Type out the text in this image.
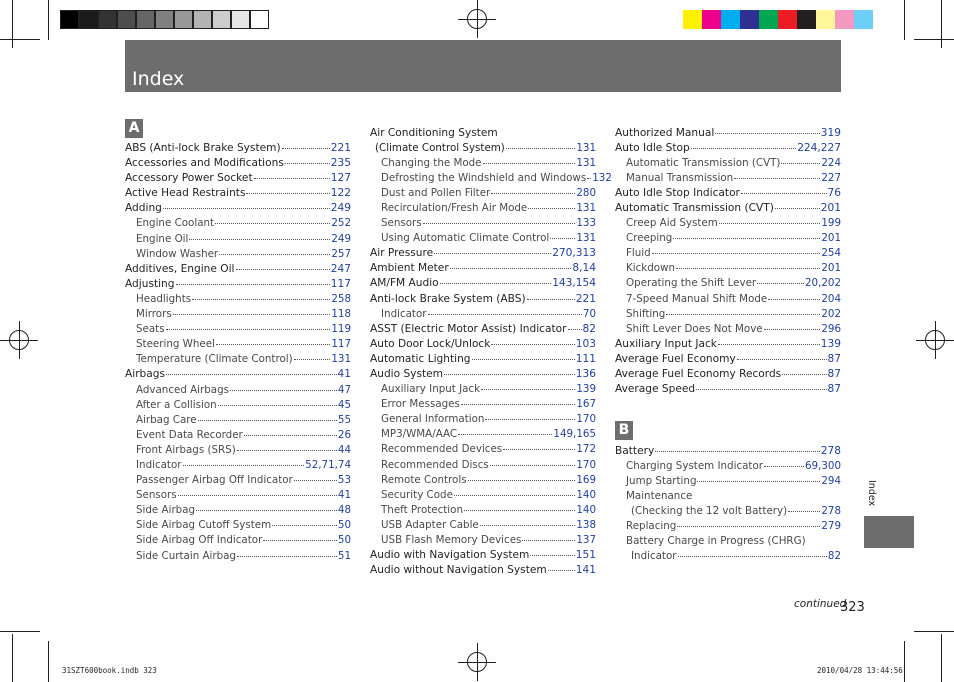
Index
A
B
ABS (Anti-lock Brake System)	221
Accessories and Modifications	235
Accessory Power Socket	127
Active Head Restraints	122
Adding	249
Engine Coolant	252
Engine Oil	249
Window Washer	257
Additives, Engine Oil	247
Adjusting	117
Headlights	258
Mirrors	118
Seats	119
Steering Wheel	117
Temperature (Climate Control)	131
Airbags	41
Advanced Airbags	47
After a Collision	45
Airbag Care	55
Event Data Recorder	26
Front Airbags (SRS)	44
Indicator	52,71,74
Passenger Airbag Off Indicator	53
Sensors	41
Side Airbag	48
Side Airbag Cutoff System	50
Side Airbag Off Indicator	50
Side Curtain Airbag	51
Air Conditioning System
(Climate Control System)	131
Changing the Mode	131
Defrosting the Windshield and Windows 132
Dust and Pollen Filter	280
Recirculation/Fresh Air Mode	131
Sensors	133
Using Automatic Climate Control	131
Air Pressure	270,313
Ambient Meter	8,14
AM/FM Audio	143,154
Anti-lock Brake System (ABS)	221
Indicator	70
ASST (Electric Motor Assist) Indicator 82
Auto Door Lock/Unlock	103
Automatic Lighting	111
Audio System	136
Auxiliary Input Jack	139
Error Messages	167
General Information	170
MP3/WMA/AAC	149,165
Recommended Devices	172
Recommended Discs	170
Remote Controls	169
Security Code	140
Theft Protection	140
USB Adapter Cable	138
USB Flash Memory Devices	137
Audio with Navigation System	151
Audio without Navigation System	141
Authorized Manual	319
Auto Idle Stop	224,227
Automatic Transmission (CVT)	224
Manual Transmission	227
Auto Idle Stop Indicator	76
Automatic Transmission (CVT)	201
Creep Aid System	199
Creeping	201
Fluid	254
Kickdown	201
Operating the Shift Lever	20,202
7-Speed Manual Shift Mode	204
Shifting	202
Shift Lever Does Not Move	296
Auxiliary Input Jack	139
Average Fuel Economy	87
Average Fuel Economy Records	87
Average Speed	87
Battery	278
Charging System Indicator	69,300
Jump Starting	294
Maintenance
(Checking the 12 volt Battery)	278
Replacing	279
Battery Charge in Progress (CHRG)
Indicator	82
Index
continued
323
31SZT600book.indb 323	2010/04/28 13:44:56
